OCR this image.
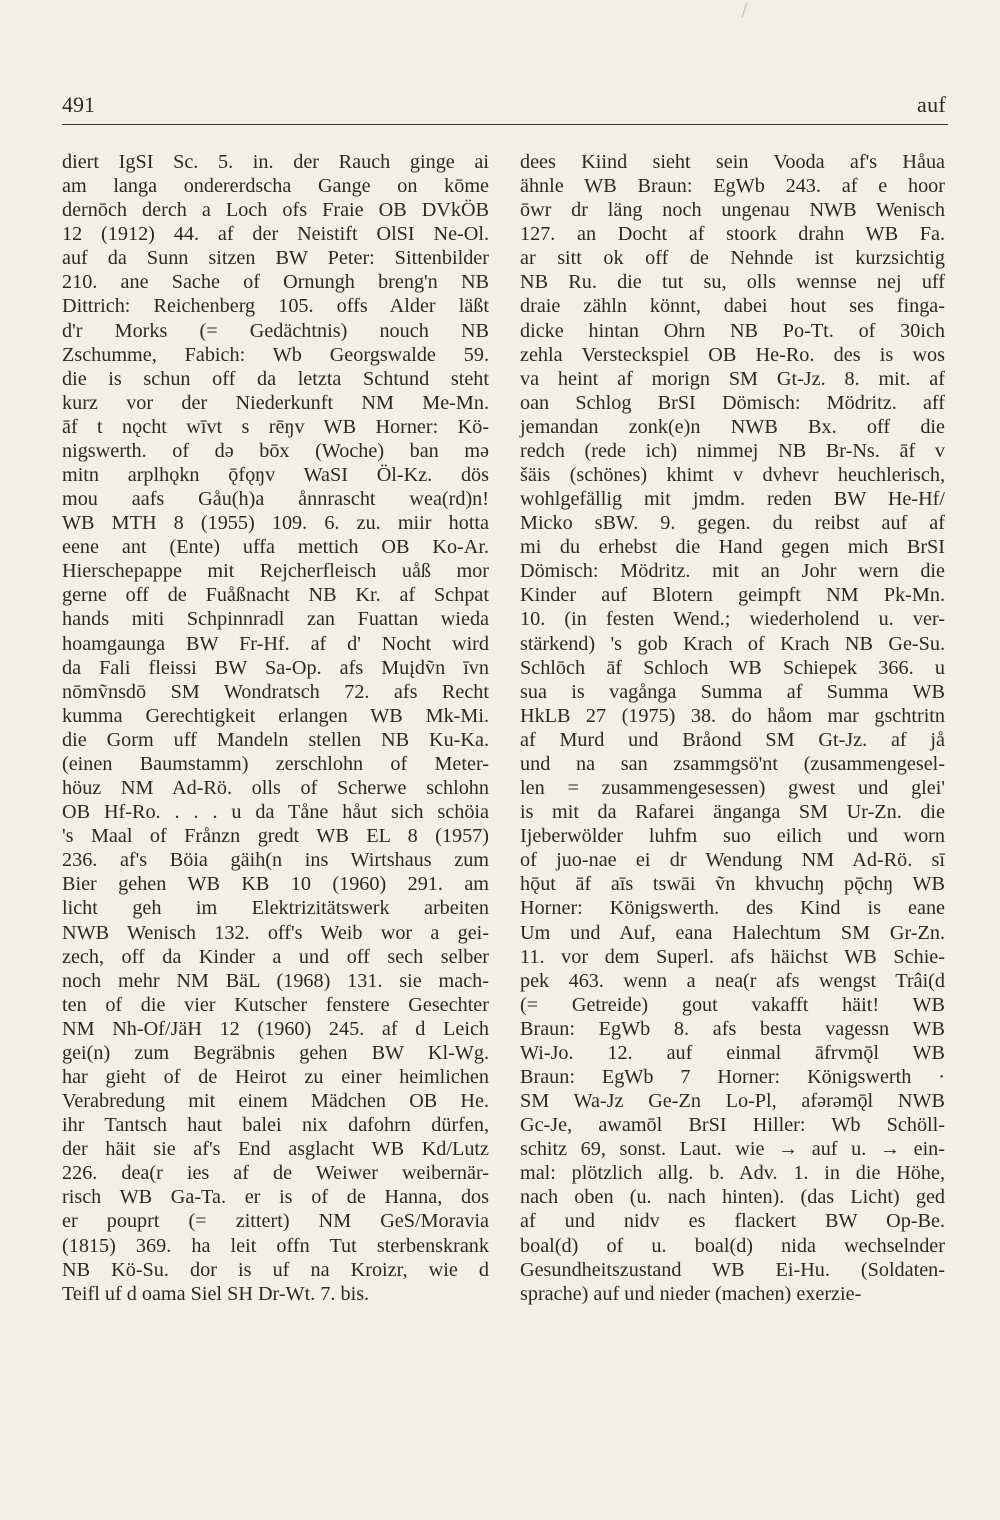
491	auf
diert IgSI Sc. 5. in. der Rauch ginge ai
am langa ondererdscha Gange on kōme
dernōch derch a Loch ofs Fraie OB DVkÖB
12 (1912) 44. af der Neistift OlSI Ne-Ol.
auf da Sunn sitzen BW Peter: Sittenbilder
210. ane Sache of Ornungh breng'n NB
Dittrich: Reichenberg 105. offs Alder läßt
d'r Morks (= Gedächtnis) nouch NB
Zschumme, Fabich: Wb Georgswalde 59.
die is schun off da letzta Schtund steht
kurz vor der Niederkunft NM Me-Mn.
āf t nǫcht wīvt s rēŋv WB Horner: Kö-
nigswerth. of də bōx (Woche) ban mə
mitn arplhǫkn ǭfǫŋv WaSI Öl-Kz. dös
mou aafs Gåu(h)a ånnrascht wea(rd)n!
WB MTH 8 (1955) 109. 6. zu. miir hotta
eene ant (Ente) uffa mettich OB Ko-Ar.
Hierschepappe mit Rejcherfleisch uåß mor
gerne off de Fuåßnacht NB Kr. af Schpat
hands miti Schpinnradl zan Fuattan wieda
hoamgaunga BW Fr-Hf. af d' Nocht wird
da Fali fleissi BW Sa-Op. afs Muįdṽn īvn
nōmṽnsdō SM Wondratsch 72. afs Recht
kumma Gerechtigkeit erlangen WB Mk-Mi.
die Gorm uff Mandeln stellen NB Ku-Ka.
(einen Baumstamm) zerschlohn of Meter-
höuz NM Ad-Rö. olls of Scherwe schlohn
OB Hf-Ro. . . . u da Tåne håut sich schöia
's Maal of Frånzn gredt WB EL 8 (1957)
236. af's Böia gäih(n ins Wirtshaus zum
Bier gehen WB KB 10 (1960) 291. am
licht geh im Elektrizitätswerk arbeiten
NWB Wenisch 132. off's Weib wor a gei-
zech, off da Kinder a und off sech selber
noch mehr NM BäL (1968) 131. sie mach-
ten of die vier Kutscher fenstere Gesechter
NM Nh-Of/JäH 12 (1960) 245. af d Leich
gei(n) zum Begräbnis gehen BW Kl-Wg.
har gieht of de Heirot zu einer heimlichen
Verabredung mit einem Mädchen OB He.
ihr Tantsch haut balei nix dafohrn dürfen,
der häit sie af's End asglacht WB Kd/Lutz
226. dea(r ies af de Weiwer weibernär-
risch WB Ga-Ta. er is of de Hanna, dos
er pouprt (= zittert) NM GeS/Moravia
(1815) 369. ha leit offn Tut sterbenskrank
NB Kö-Su. dor is uf na Kroizr, wie d
Teifl uf d oama Siel SH Dr-Wt. 7. bis.
dees Kiind sieht sein Vooda af's Håua
ähnle WB Braun: EgWb 243. af e hoor
ōwr dr läng noch ungenau NWB Wenisch
127. an Docht af stoork drahn WB Fa.
ar sitt ok off de Nehnde ist kurzsichtig
NB Ru. die tut su, olls wennse nej uff
draie zähln könnt, dabei hout ses finga-
dicke hintan Ohrn NB Po-Tt. of 30ich
zehla Versteckspiel OB He-Ro. des is wos
va heint af morign SM Gt-Jz. 8. mit. af
oan Schlog BrSI Dömisch: Mödritz. aff
jemandan zonk(e)n NWB Bx. off die
redch (rede ich) nimmej NB Br-Ns. āf v
šäis (schönes) khimt v dvhevr heuchlerisch,
wohlgefällig mit jmdm. reden BW He-Hf/
Micko sBW. 9. gegen. du reibst auf af
mi du erhebst die Hand gegen mich BrSI
Dömisch: Mödritz. mit an Johr wern die
Kinder auf Blotern geimpft NM Pk-Mn.
10. (in festen Wend.; wiederholend u. ver-
stärkend) 's gob Krach of Krach NB Ge-Su.
Schlōch āf Schloch WB Schiepek 366. u
sua is vagånga Summa af Summa WB
HkLB 27 (1975) 38. do håom mar gschtritn
af Murd und Bråond SM Gt-Jz. af jå
und na san zsammgsö'nt (zusammengesel-
len = zusammengesessen) gwest und glei'
is mit da Rafarei änganga SM Ur-Zn. die
Ijeberwölder luhfm suo eilich und worn
of juo-nae ei dr Wendung NM Ad-Rö. sī
hǭut āf aīs tswāi ṽn khvuchŋ pǭchŋ WB
Horner: Königswerth. des Kind is eane
Um und Auf, eana Halechtum SM Gr-Zn.
11. vor dem Superl. afs häichst WB Schie-
pek 463. wenn a nea(r afs wengst Trâi(d
(= Getreide) gout vakafft häit! WB
Braun: EgWb 8. afs besta vagessn WB
Wi-Jo. 12. auf einmal āfrvmǭl WB
Braun: EgWb 7 Horner: Königswerth ·
SM Wa-Jz Ge-Zn Lo-Pl, afərəmǭl NWB
Gc-Je, awamōl BrSI Hiller: Wb Schöll-
schitz 69, sonst. Laut. wie → auf u. → ein-
mal: plötzlich allg. b. Adv. 1. in die Höhe,
nach oben (u. nach hinten). (das Licht) ged
af und nidv es flackert BW Op-Be.
boal(d) of u. boal(d) nida wechselnder
Gesundheitszustand WB Ei-Hu. (Soldaten-
sprache) auf und nieder (machen) exerzie-
